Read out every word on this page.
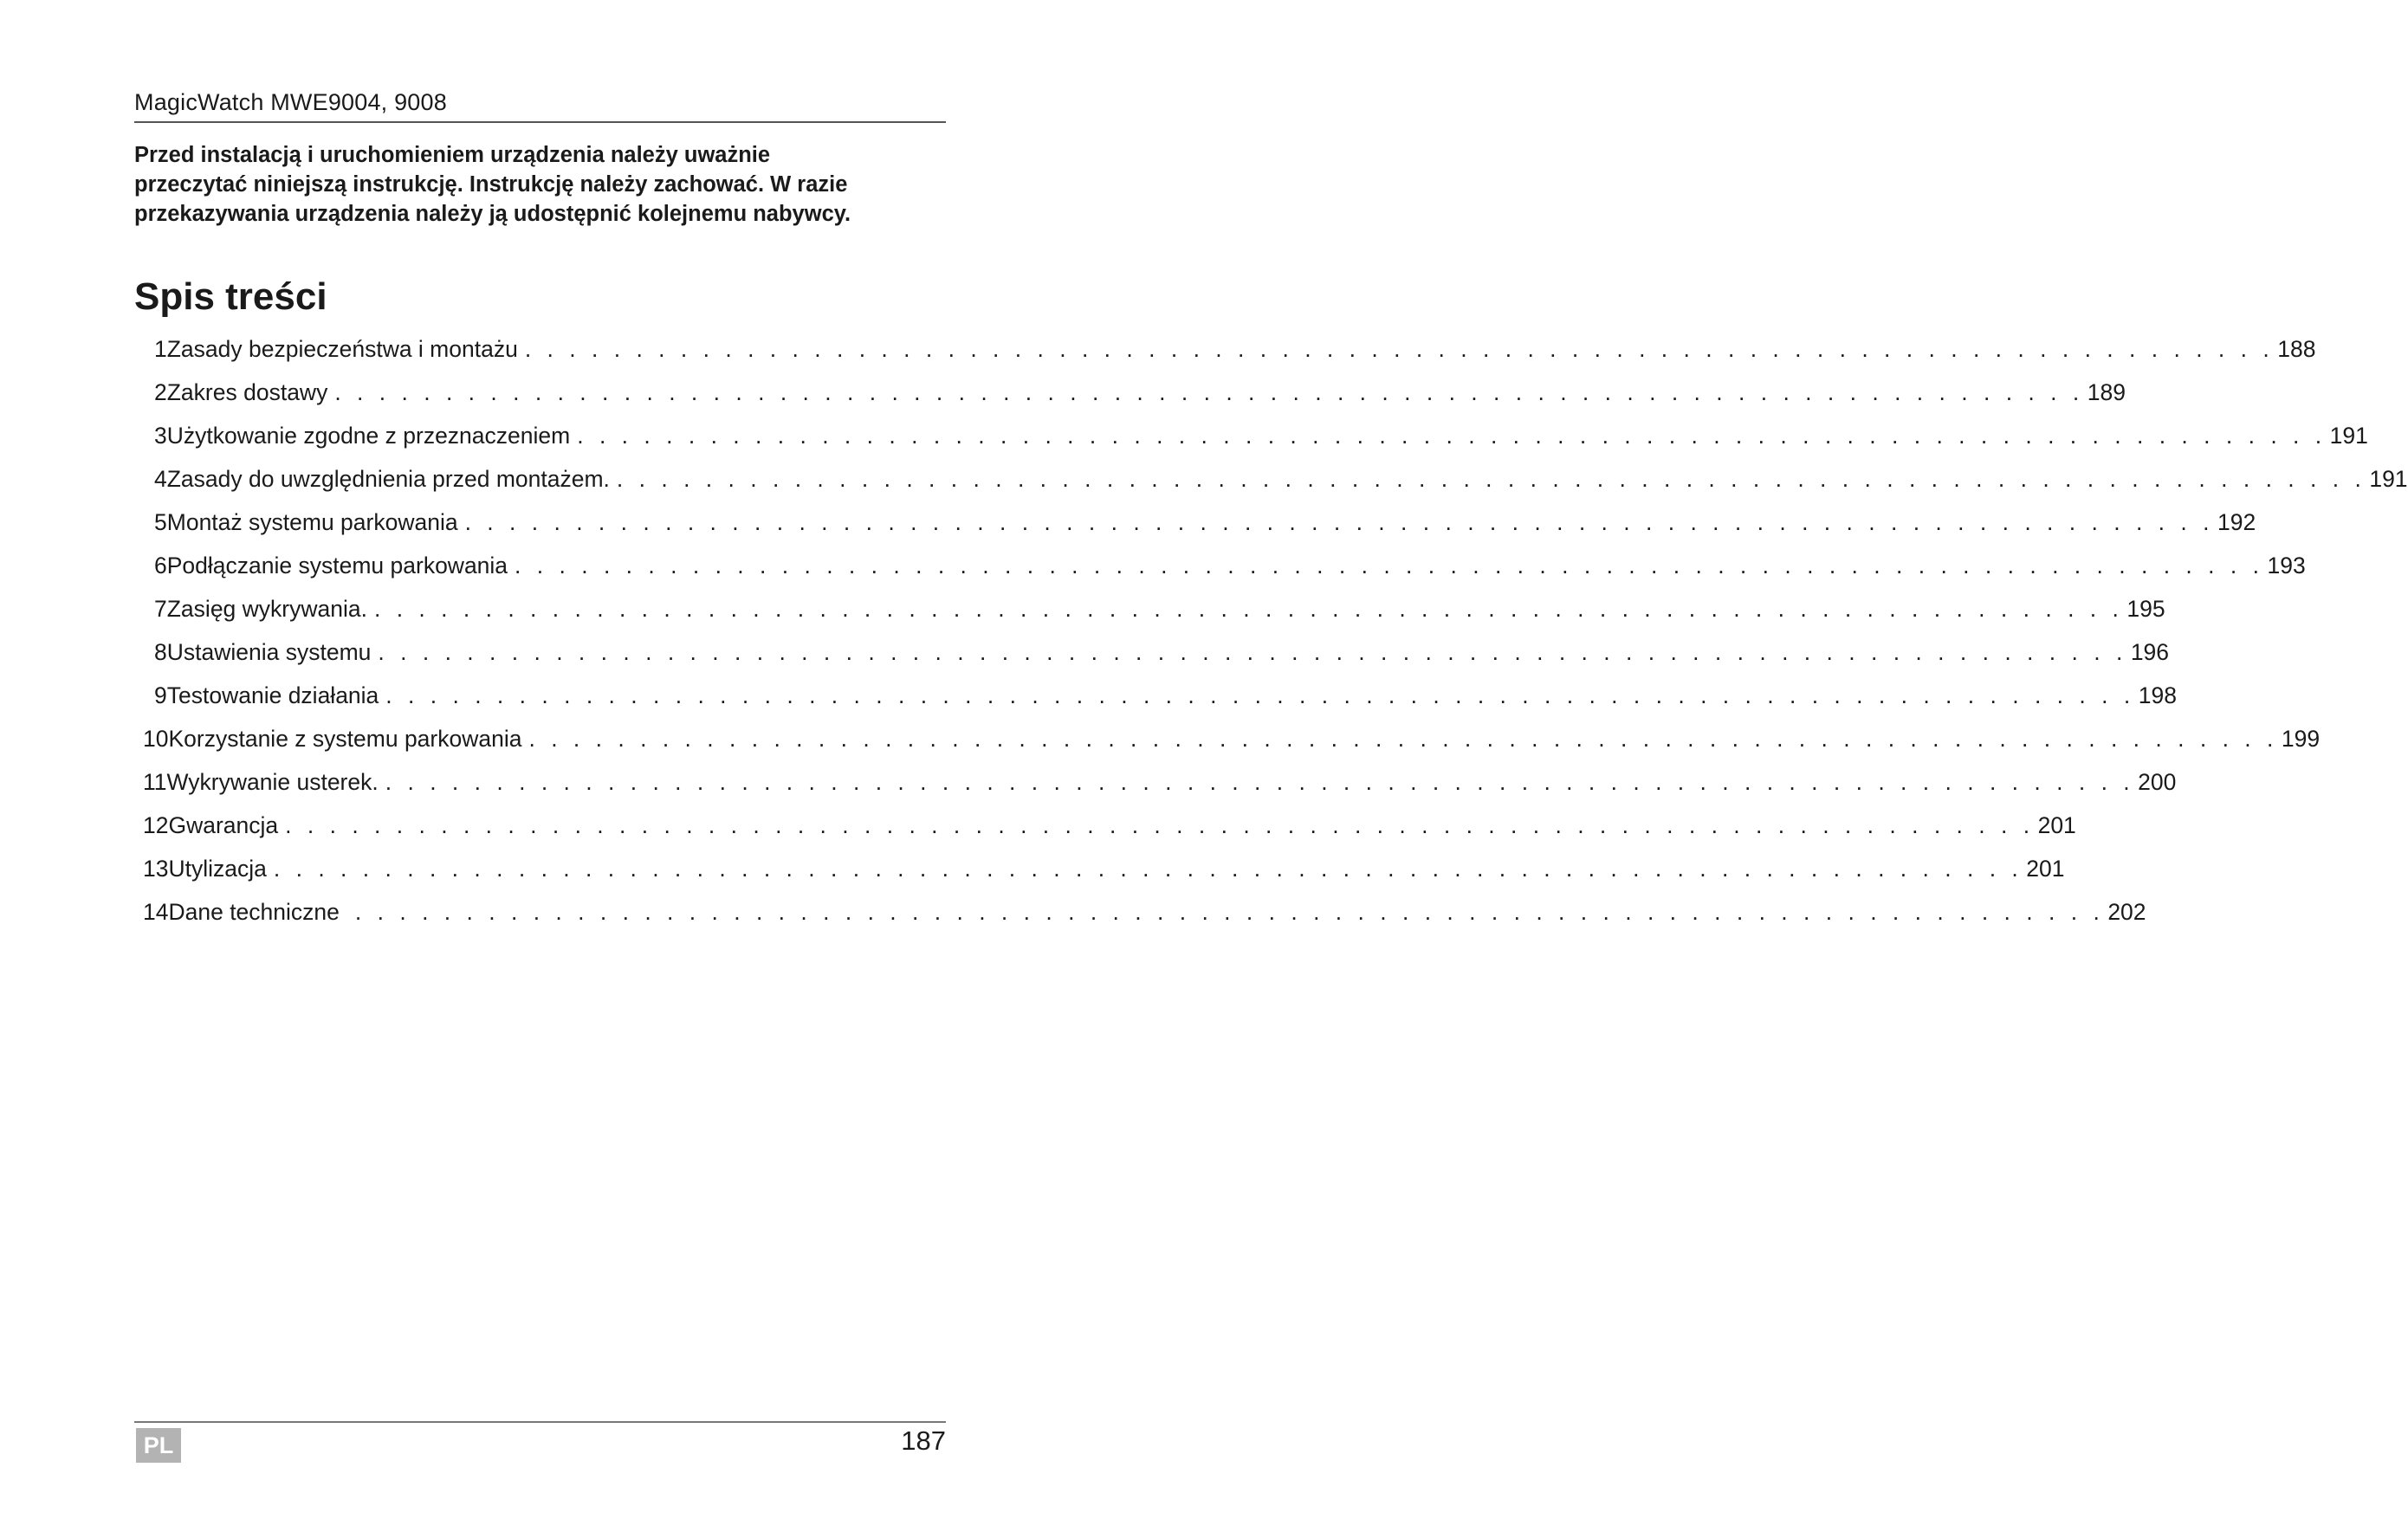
MagicWatch MWE9004, 9008

Przed instalacją i uruchomieniem urządzenia należy uważnie

przeczytać niniejszą instrukcję. Instrukcję należy zachować. W razie

przekazywania urządzenia należy ją udostępnić kolejnemu nabywcy.

Spis treści
1 Zasady bezpieczeństwa i montażu . . . . . . . . . . . . . . . . . . . . . . . . . . . . . . . . . . . . . . . . . . . . . . . . . . . . . . . . . . . . . . . . . . . . . . . . . . . . . . . 188
2 Zakres dostawy . . . . . . . . . . . . . . . . . . . . . . . . . . . . . . . . . . . . . . . . . . . . . . . . . . . . . . . . . . . . . . . . . . . . . . . . . . . . . . . 189
3 Użytkowanie zgodne z przeznaczeniem . . . . . . . . . . . . . . . . . . . . . . . . . . . . . . . . . . . . . . . . . . . . . . . . . . . . . . . . . . . . . . . . . . . . . . . . . . . . . . . 191
4 Zasady do uwzględnienia przed montażem. . . . . . . . . . . . . . . . . . . . . . . . . . . . . . . . . . . . . . . . . . . . . . . . . . . . . . . . . . . . . . . . . . . . . . . . . . . . . . . . 191
5 Montaż systemu parkowania . . . . . . . . . . . . . . . . . . . . . . . . . . . . . . . . . . . . . . . . . . . . . . . . . . . . . . . . . . . . . . . . . . . . . . . . . . . . . . . 192
6 Podłączanie systemu parkowania . . . . . . . . . . . . . . . . . . . . . . . . . . . . . . . . . . . . . . . . . . . . . . . . . . . . . . . . . . . . . . . . . . . . . . . . . . . . . . . 193
7 Zasięg wykrywania. . . . . . . . . . . . . . . . . . . . . . . . . . . . . . . . . . . . . . . . . . . . . . . . . . . . . . . . . . . . . . . . . . . . . . . . . . . . . . . . 195
8 Ustawienia systemu . . . . . . . . . . . . . . . . . . . . . . . . . . . . . . . . . . . . . . . . . . . . . . . . . . . . . . . . . . . . . . . . . . . . . . . . . . . . . . . 196
9 Testowanie działania . . . . . . . . . . . . . . . . . . . . . . . . . . . . . . . . . . . . . . . . . . . . . . . . . . . . . . . . . . . . . . . . . . . . . . . . . . . . . . . 198
10 Korzystanie z systemu parkowania . . . . . . . . . . . . . . . . . . . . . . . . . . . . . . . . . . . . . . . . . . . . . . . . . . . . . . . . . . . . . . . . . . . . . . . . . . . . . . . 199
11 Wykrywanie usterek. . . . . . . . . . . . . . . . . . . . . . . . . . . . . . . . . . . . . . . . . . . . . . . . . . . . . . . . . . . . . . . . . . . . . . . . . . . . . . . . 200
12 Gwarancja . . . . . . . . . . . . . . . . . . . . . . . . . . . . . . . . . . . . . . . . . . . . . . . . . . . . . . . . . . . . . . . . . . . . . . . . . . . . . . . 201
13 Utylizacja . . . . . . . . . . . . . . . . . . . . . . . . . . . . . . . . . . . . . . . . . . . . . . . . . . . . . . . . . . . . . . . . . . . . . . . . . . . . . . . 201
14 Dane techniczne . . . . . . . . . . . . . . . . . . . . . . . . . . . . . . . . . . . . . . . . . . . . . . . . . . . . . . . . . . . . . . . . . . . . . . . . . . . . . . . 202
PL	187
